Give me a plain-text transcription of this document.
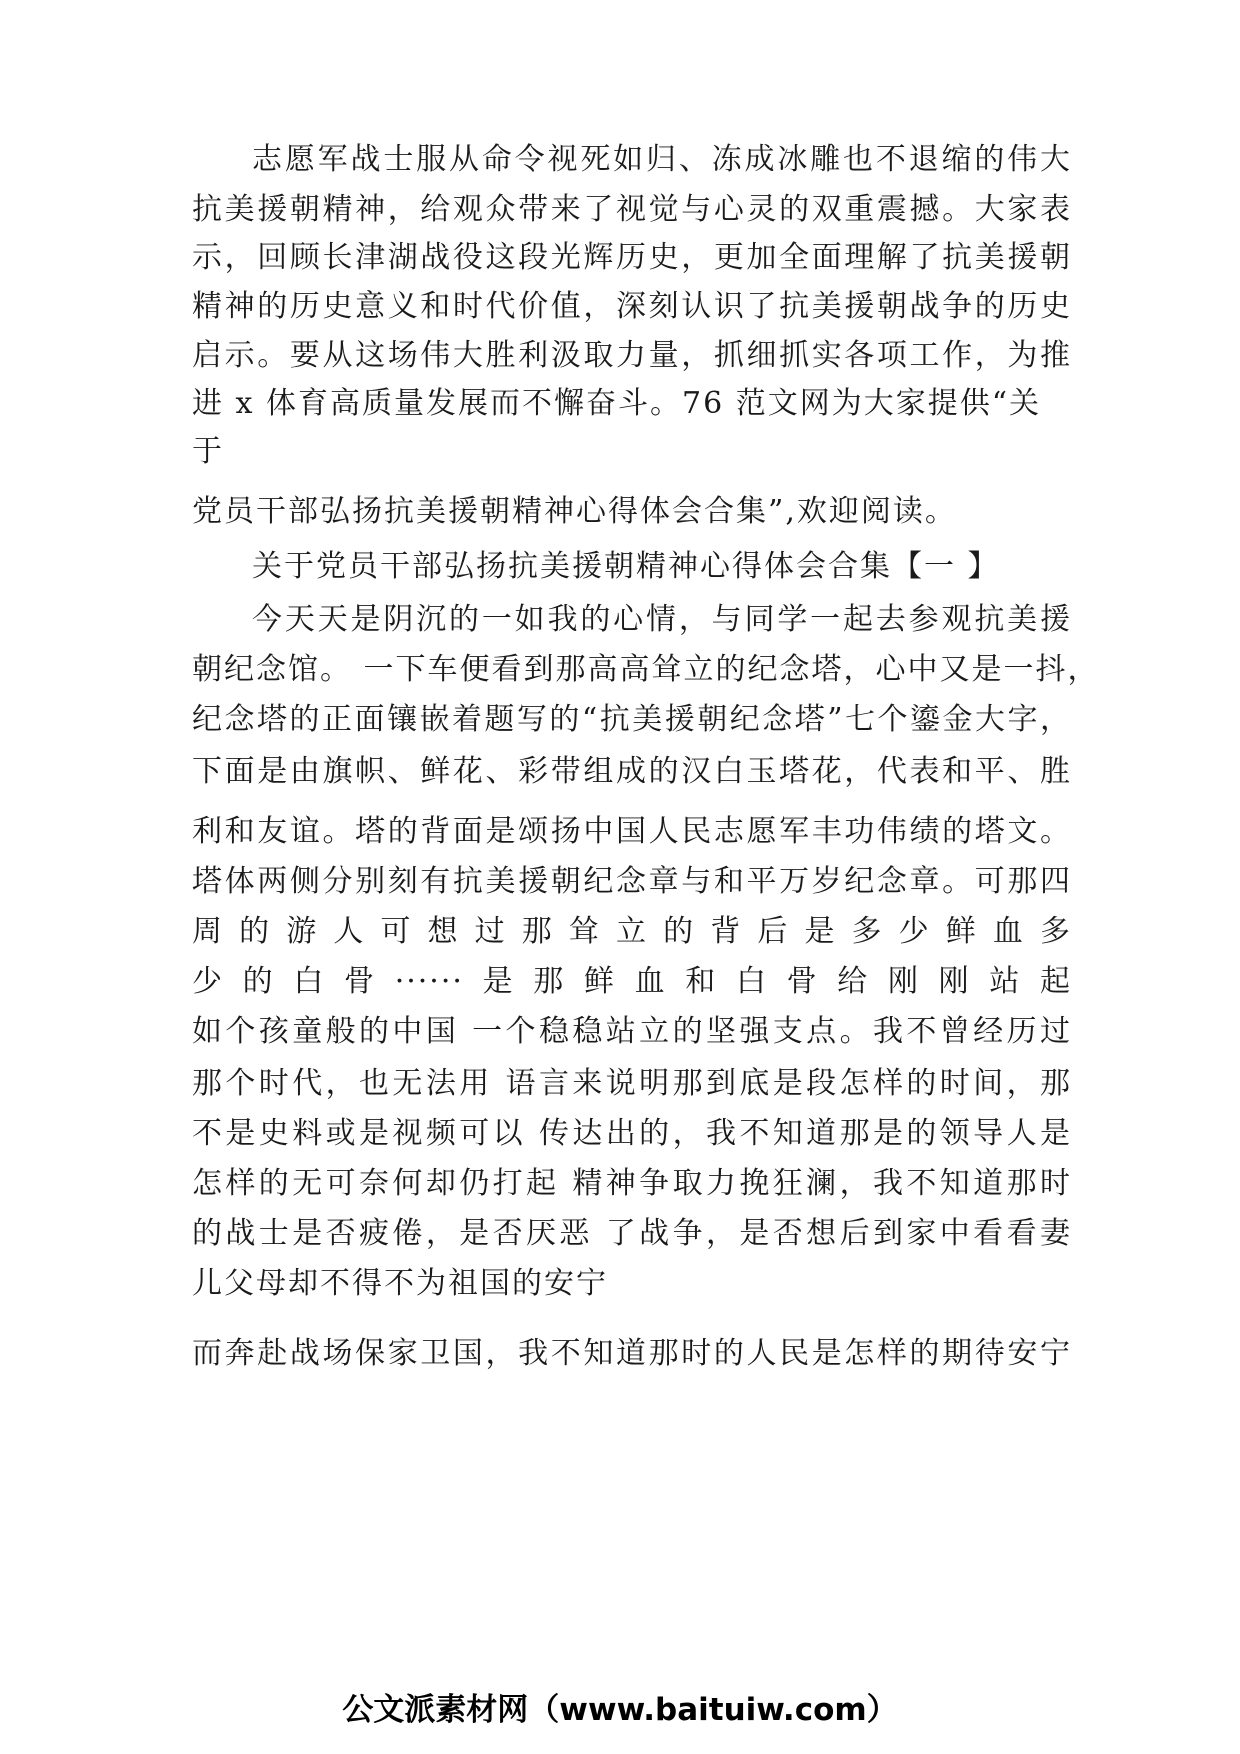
志愿军战士服从命令视死如归、冻成冰雕也不退缩的伟大
抗美援朝精神，给观众带来了视觉与心灵的双重震撼。大家表
示，回顾长津湖战役这段光辉历史，更加全面理解了抗美援朝
精神的历史意义和时代价值，深刻认识了抗美援朝战争的历史
启示。要从这场伟大胜利汲取力量，抓细抓实各项工作，为推
进 x 体育高质量发展而不懈奋斗。76 范文网为大家提供“关
于
党员干部弘扬抗美援朝精神心得体会合集”,欢迎阅读。
关于党员干部弘扬抗美援朝精神心得体会合集【一 】
今天天是阴沉的一如我的心情，与同学一起去参观抗美援
朝纪念馆。 一下车便看到那高高耸立的纪念塔，心中又是一抖，
纪念塔的正面镶嵌着题写的“抗美援朝纪念塔”七个鎏金大字，
下面是由旗帜、鲜花、彩带组成的汉白玉塔花，代表和平、胜
利和友谊。塔的背面是颂扬中国人民志愿军丰功伟绩的塔文。
塔体两侧分别刻有抗美援朝纪念章与和平万岁纪念章。可那四
周的游人可想过那耸立的背后是多少鲜血多
少的白骨······是那鲜血和白骨给刚刚站起
如个孩童般的中国 一个稳稳站立的坚强支点。我不曾经历过
那个时代，也无法用 语言来说明那到底是段怎样的时间，那
不是史料或是视频可以 传达出的，我不知道那是的领导人是
怎样的无可奈何却仍打起 精神争取力挽狂澜，我不知道那时
的战士是否疲倦，是否厌恶 了战争，是否想后到家中看看妻
儿父母却不得不为祖国的安宁
而奔赴战场保家卫国，我不知道那时的人民是怎样的期待安宁
公文派素材网（www.baituiw.com）
